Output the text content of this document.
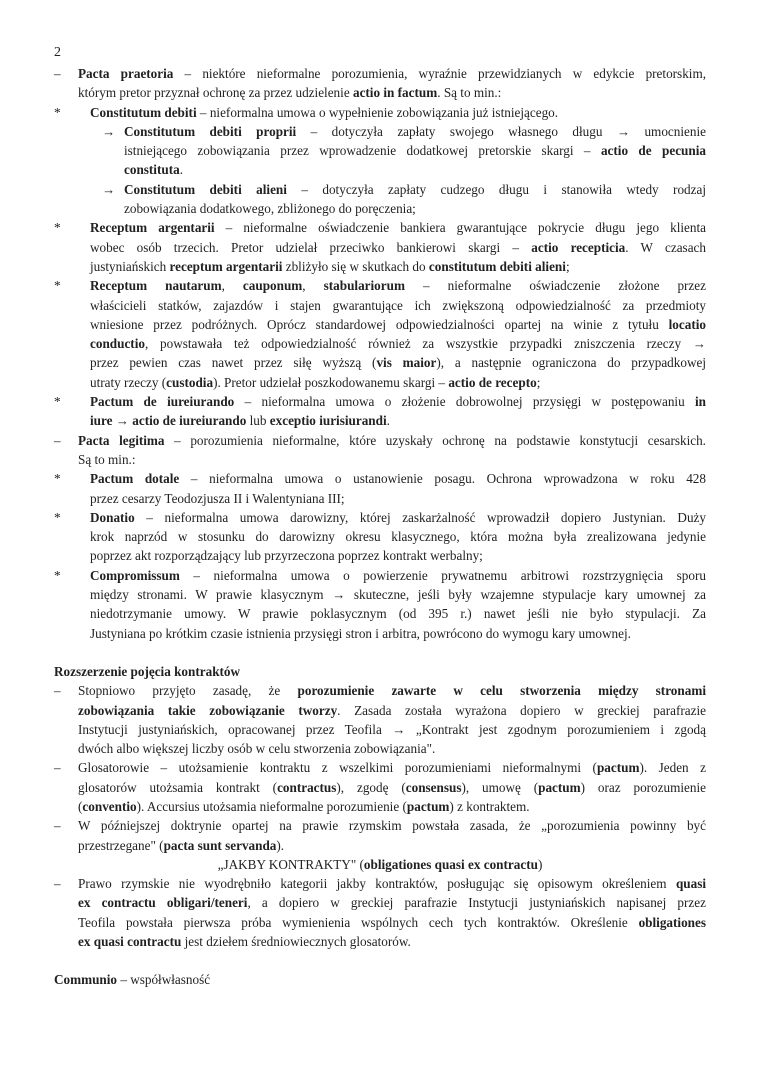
2
–	Pacta praetoria – niektóre nieformalne porozumienia, wyraźnie przewidzianych w edykcie pretorskim,
którym pretor przyznał ochronę za przez udzielenie actio in factum. Są to min.:
* Constitutum debiti – nieformalna umowa o wypełnienie zobowiązania już istniejącego.
→ Constitutum debiti proprii – dotyczyła zapłaty swojego własnego długu → umocnienie
istniejącego zobowiązania przez wprowadzenie dodatkowej pretorskie skargi – actio de pecunia
constituta.
→ Constitutum debiti alieni – dotyczyła zapłaty cudzego długu i stanowiła wtedy rodzaj
zobowiązania dodatkowego, zbliżonego do poręczenia;
* Receptum argentarii – nieformalne oświadczenie bankiera gwarantujące pokrycie długu jego klienta
wobec osób trzecich. Pretor udzielał przeciwko bankierowi skargi – actio recepticia. W czasach
justyniańskich receptum argentarii zbliżyło się w skutkach do constitutum debiti alieni;
* Receptum nautarum, cauponum, stabulariorum – nieformalne oświadczenie złożone przez
właścicieli statków, zajazdów i stajen gwarantujące ich zwiększoną odpowiedzialność za przedmioty
wniesione przez podróżnych. Oprócz standardowej odpowiedzialności opartej na winie z tytułu locatio
conductio, powstawała też odpowiedzialność również za wszystkie przypadki zniszczenia rzeczy →
przez pewien czas nawet przez siłę wyższą (vis maior), a następnie ograniczona do przypadkowej
utraty rzeczy (custodia). Pretor udzielał poszkodowanemu skargi – actio de recepto;
* Pactum de iureiurando – nieformalna umowa o złożenie dobrowolnej przysięgi w postępowaniu in
iure → actio de iureiurando lub exceptio iurisiurandi.
–	Pacta legitima – porozumienia nieformalne, które uzyskały ochronę na podstawie konstytucji cesarskich.
Są to min.:
* Pactum dotale – nieformalna umowa o ustanowienie posagu. Ochrona wprowadzona w roku 428
przez cesarzy Teodozjusza II i Walentyniana III;
* Donatio – nieformalna umowa darowizny, której zaskarżalność wprowadził dopiero Justynian. Duży
krok naprzód w stosunku do darowizny okresu klasycznego, która można była zrealizowana jedynie
poprzez akt rozporządzający lub przyrzeczona poprzez kontrakt werbalny;
* Compromissum – nieformalna umowa o powierzenie prywatnemu arbitrowi rozstrzygnięcia sporu
między stronami. W prawie klasycznym → skuteczne, jeśli były wzajemne stypulacje kary umownej za
niedotrzymanie umowy. W prawie poklasycznym (od 395 r.) nawet jeśli nie było stypulacji. Za
Justyniana po krótkim czasie istnienia przysięgi stron i arbitra, powrócono do wymogu kary umownej.
Rozszerzenie pojęcia kontraktów
–	Stopniowo przyjęto zasadę, że porozumienie zawarte w celu stworzenia między stronami
zobowiązania takie zobowiązanie tworzy. Zasada została wyrażona dopiero w greckiej parafrazie
Instytucji justyniańskich, opracowanej przez Teofila → „Kontrakt jest zgodnym porozumieniem i zgodą
dwóch albo większej liczby osób w celu stworzenia zobowiązania".
–	Glosatorowie – utożsamienie kontraktu z wszelkimi porozumieniami nieformalnymi (pactum). Jeden z
glosatorów utożsamia kontrakt (contractus), zgodę (consensus), umowę (pactum) oraz porozumienie
(conventio). Accursius utożsamia nieformalne porozumienie (pactum) z kontraktem.
–	W późniejszej doktrynie opartej na prawie rzymskim powstała zasada, że „porozumienia powinny być
przestrzegane" (pacta sunt servanda).
„JAKBY KONTRAKTY" (obligationes quasi ex contractu)
–	Prawo rzymskie nie wyodrębniło kategorii jakby kontraktów, posługując się opisowym określeniem quasi
ex contractu obligari/teneri, a dopiero w greckiej parafrazie Instytucji justyniańskich napisanej przez
Teofila powstała pierwsza próba wymienienia wspólnych cech tych kontraktów. Określenie obligationes
ex quasi contractu jest dziełem średniowiecznych glosatorów.
Communio – współwłasność
